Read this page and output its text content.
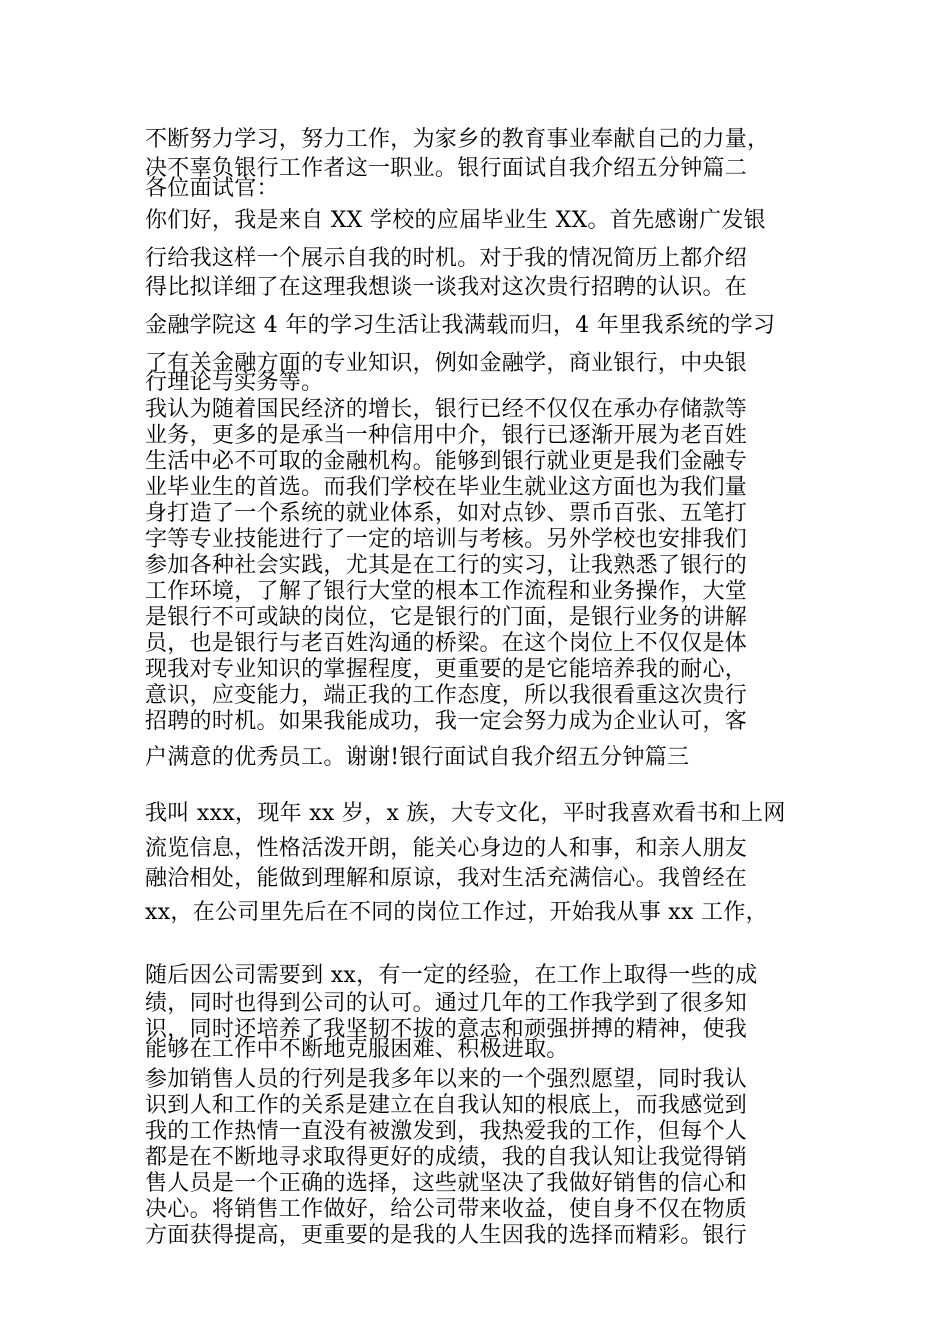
不断努力学习，努力工作，为家乡的教育事业奉献自己的力量，
决不辜负银行工作者这一职业。银行面试自我介绍五分钟篇二
各位面试官：
你们好，我是来自 XX 学校的应届毕业生 XX。首先感谢广发银
行给我这样一个展示自我的时机。对于我的情况简历上都介绍
得比拟详细了在这理我想谈一谈我对这次贵行招聘的认识。在
金融学院这 4 年的学习生活让我满载而归，4 年里我系统的学习
了有关金融方面的专业知识，例如金融学，商业银行，中央银
行理论与实务等。
我认为随着国民经济的增长，银行已经不仅仅在承办存储款等
业务，更多的是承当一种信用中介，银行已逐渐开展为老百姓
生活中必不可取的金融机构。能够到银行就业更是我们金融专
业毕业生的首选。而我们学校在毕业生就业这方面也为我们量
身打造了一个系统的就业体系，如对点钞、票币百张、五笔打
字等专业技能进行了一定的培训与考核。另外学校也安排我们
参加各种社会实践，尤其是在工行的实习，让我熟悉了银行的
工作环境，了解了银行大堂的根本工作流程和业务操作，大堂
是银行不可或缺的岗位，它是银行的门面，是银行业务的讲解
员，也是银行与老百姓沟通的桥梁。在这个岗位上不仅仅是体
现我对专业知识的掌握程度，更重要的是它能培养我的耐心，
意识，应变能力，端正我的工作态度，所以我很看重这次贵行
招聘的时机。如果我能成功，我一定会努力成为企业认可，客
户满意的优秀员工。谢谢!银行面试自我介绍五分钟篇三
我叫 xxx，现年 xx 岁，x 族，大专文化，平时我喜欢看书和上网
流览信息，性格活泼开朗，能关心身边的人和事，和亲人朋友
融洽相处，能做到理解和原谅，我对生活充满信心。我曾经在
xx，在公司里先后在不同的岗位工作过，开始我从事 xx 工作，
随后因公司需要到 xx，有一定的经验，在工作上取得一些的成
绩，同时也得到公司的认可。通过几年的工作我学到了很多知
识，同时还培养了我坚韧不拔的意志和顽强拼搏的精神，使我
能够在工作中不断地克服困难、积极进取。
参加销售人员的行列是我多年以来的一个强烈愿望，同时我认
识到人和工作的关系是建立在自我认知的根底上，而我感觉到
我的工作热情一直没有被激发到，我热爱我的工作，但每个人
都是在不断地寻求取得更好的成绩，我的自我认知让我觉得销
售人员是一个正确的选择，这些就坚决了我做好销售的信心和
决心。将销售工作做好，给公司带来收益，使自身不仅在物质
方面获得提高，更重要的是我的人生因我的选择而精彩。银行
